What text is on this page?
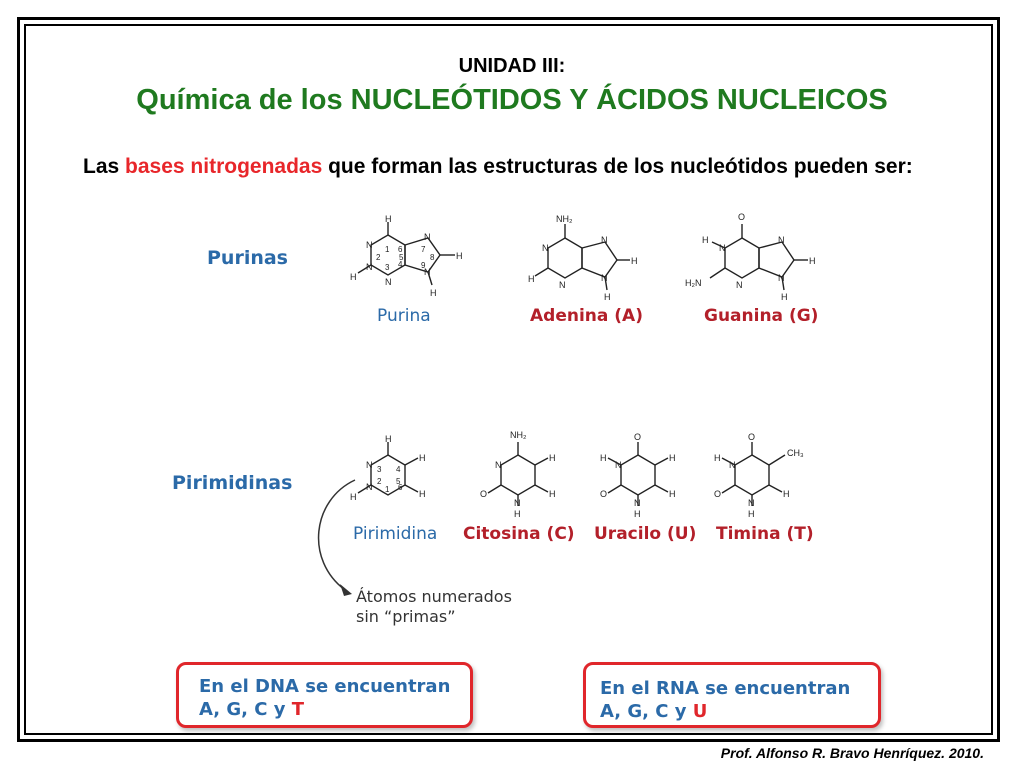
UNIDAD III:
Química de los NUCLEÓTIDOS Y ÁCIDOS NUCLEICOS
Las bases nitrogenadas que forman las estructuras de los nucleótidos pueden ser:
Purinas
Pirimidinas
H
N
N
N
N
N
H
H
H
1 6
2
4
3
5
7
8
9
NH₂
N
N
N
N
H
H
H
O
N
N
N
N
H
H₂N
H
H
H
N
N
H
H
H
3 4
2 5
1 6
NH₂
N
N
H
H
O
H
O
N
N
H
H
O
H
H
O
N
N
CH₃
H
O
H
H
Purina	Adenina (A)	Guanina (G)
Pirimidina Citosina (C) Uracilo (U) Timina (T)
Átomos numerados
sin “primas”
En el DNA se encuentran
A, G, C y T
En el RNA se encuentran
A, G, C y U
Prof. Alfonso R. Bravo Henríquez. 2010.
